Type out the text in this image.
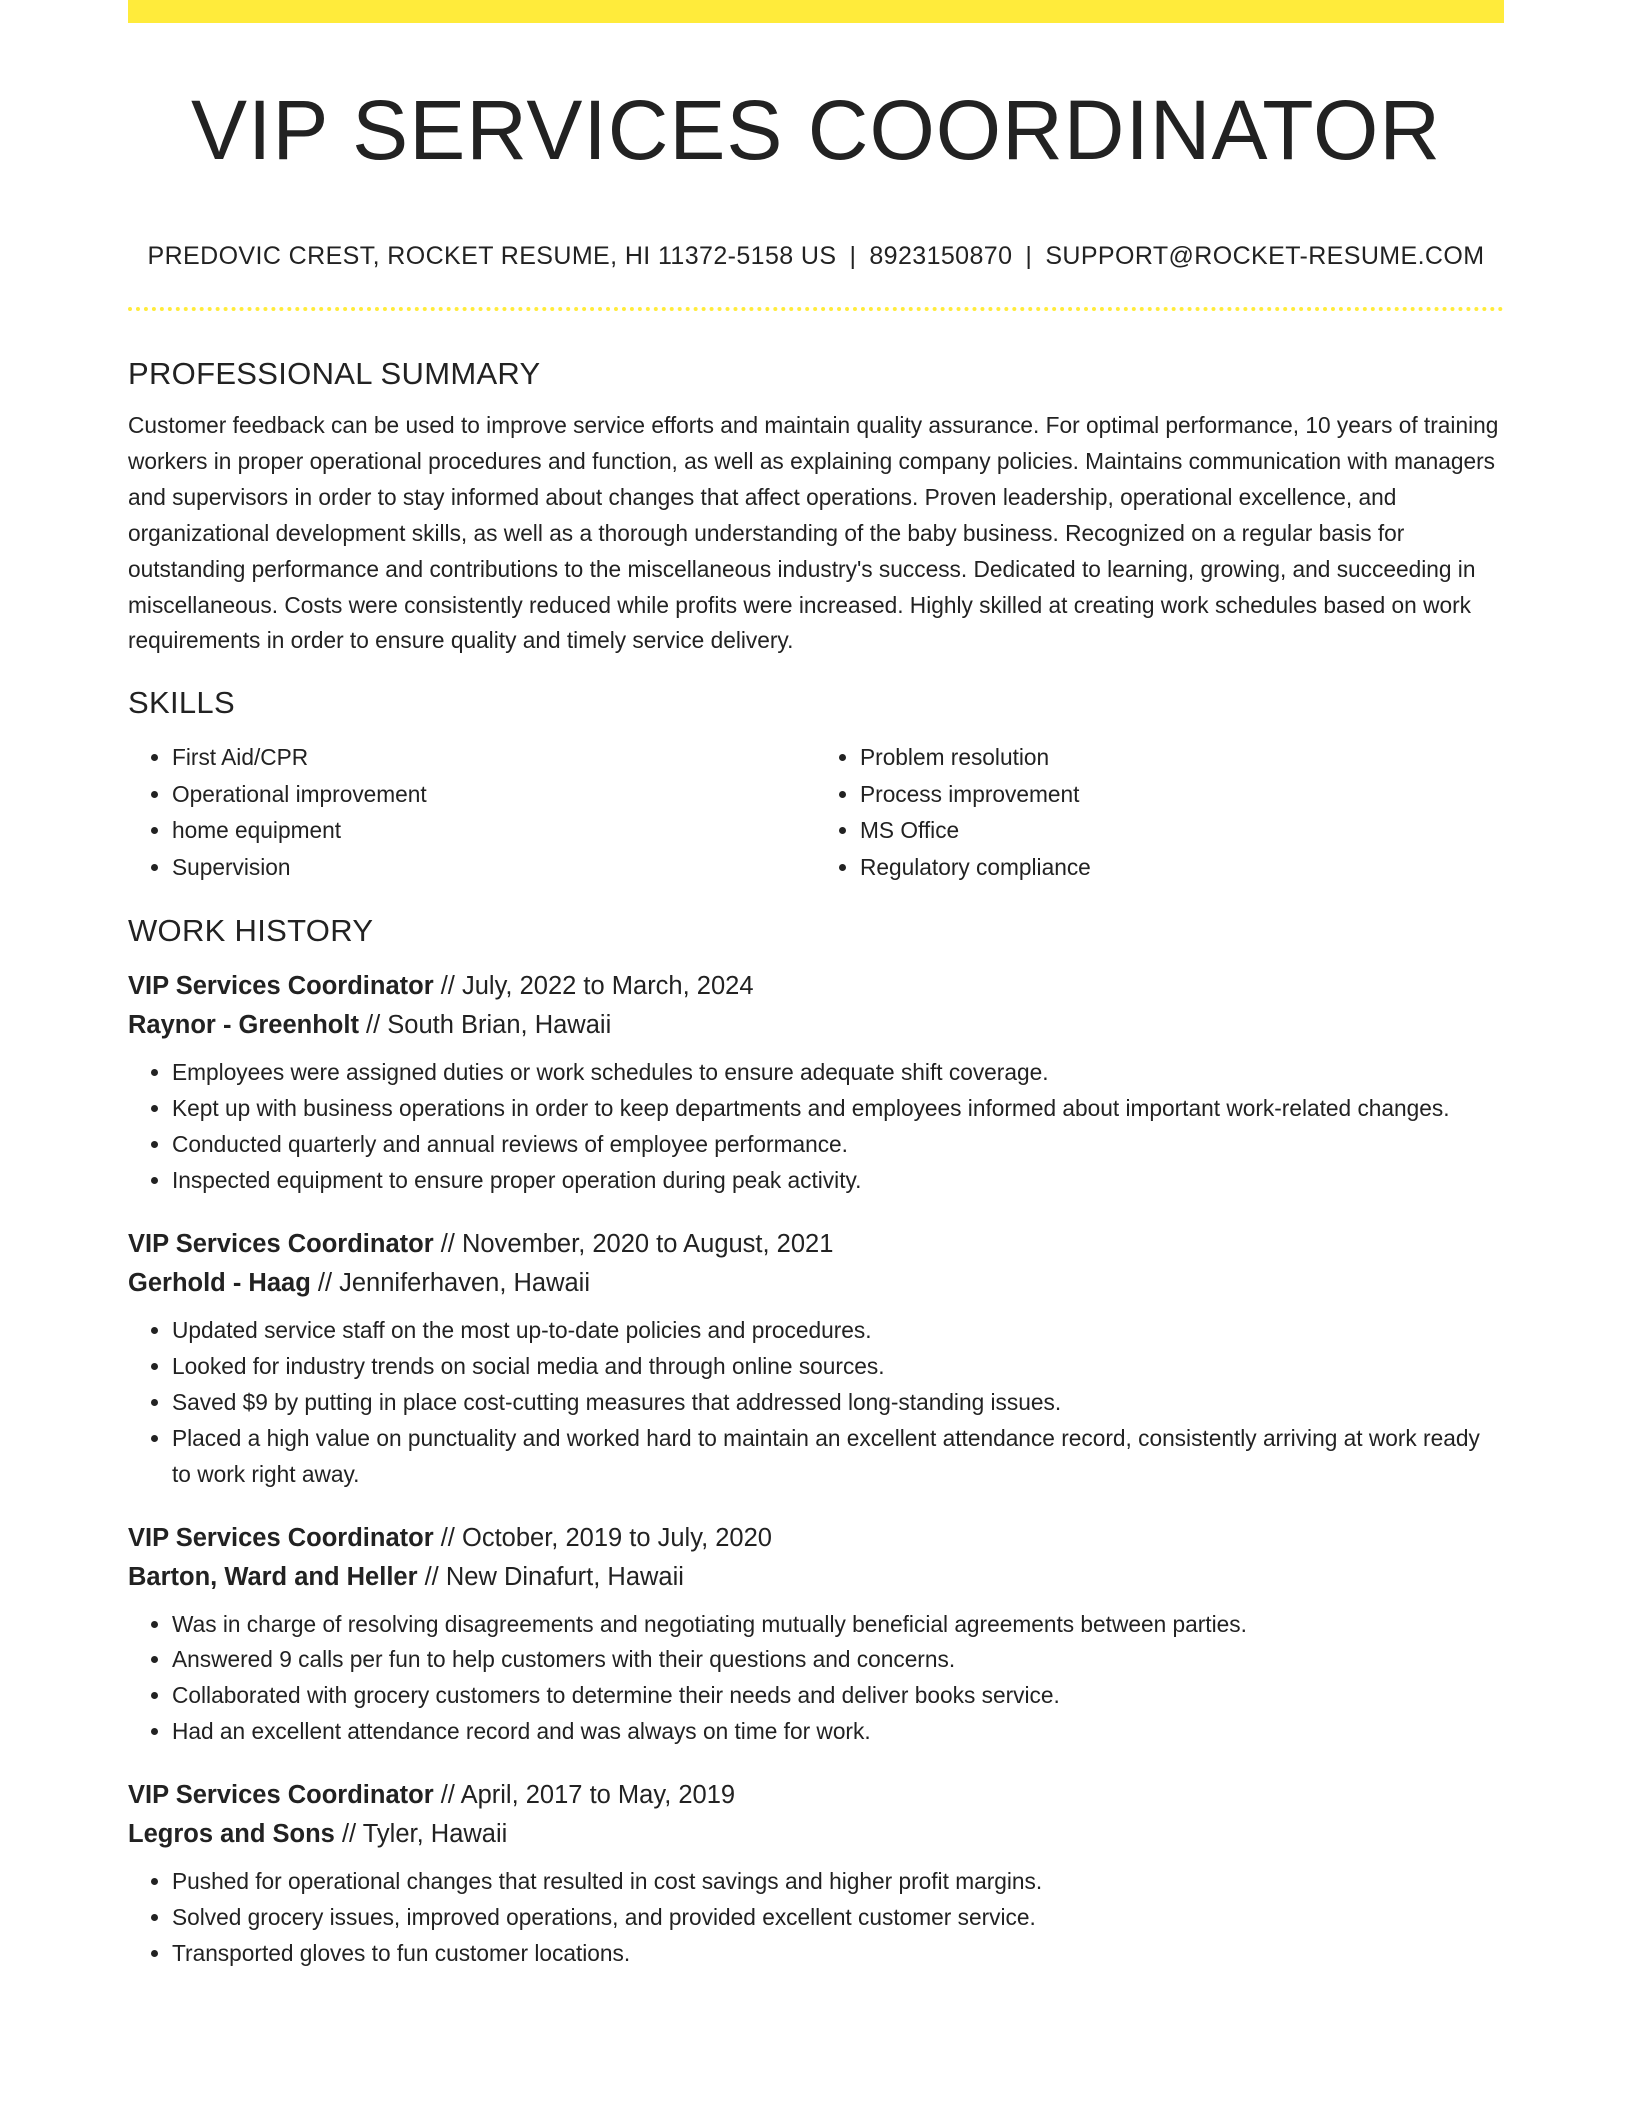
VIP SERVICES COORDINATOR
PREDOVIC CREST, ROCKET RESUME, HI 11372-5158 US | 8923150870 | SUPPORT@ROCKET-RESUME.COM
PROFESSIONAL SUMMARY

Customer feedback can be used to improve service efforts and maintain quality assurance. For optimal performance, 10 years of training workers in proper operational procedures and function, as well as explaining company policies. Maintains communication with managers and supervisors in order to stay informed about changes that affect operations. Proven leadership, operational excellence, and organizational development skills, as well as a thorough understanding of the baby business. Recognized on a regular basis for outstanding performance and contributions to the miscellaneous industry's success. Dedicated to learning, growing, and succeeding in miscellaneous. Costs were consistently reduced while profits were increased. Highly skilled at creating work schedules based on work requirements in order to ensure quality and timely service delivery.

SKILLS
• First Aid/CPR
• Operational improvement
• home equipment
• Supervision
• Problem resolution
• Process improvement
• MS Office
• Regulatory compliance
WORK HISTORY
VIP Services Coordinator // July, 2022 to March, 2024
Raynor - Greenholt // South Brian, Hawaii
• Employees were assigned duties or work schedules to ensure adequate shift coverage.
• Kept up with business operations in order to keep departments and employees informed about important work-related changes.
• Conducted quarterly and annual reviews of employee performance.
• Inspected equipment to ensure proper operation during peak activity.
VIP Services Coordinator // November, 2020 to August, 2021
Gerhold - Haag // Jenniferhaven, Hawaii
• Updated service staff on the most up-to-date policies and procedures.
• Looked for industry trends on social media and through online sources.
• Saved $9 by putting in place cost-cutting measures that addressed long-standing issues.
• Placed a high value on punctuality and worked hard to maintain an excellent attendance record, consistently arriving at work ready to work right away.
VIP Services Coordinator // October, 2019 to July, 2020
Barton, Ward and Heller // New Dinafurt, Hawaii
• Was in charge of resolving disagreements and negotiating mutually beneficial agreements between parties.
• Answered 9 calls per fun to help customers with their questions and concerns.
• Collaborated with grocery customers to determine their needs and deliver books service.
• Had an excellent attendance record and was always on time for work.
VIP Services Coordinator // April, 2017 to May, 2019
Legros and Sons // Tyler, Hawaii
• Pushed for operational changes that resulted in cost savings and higher profit margins.
• Solved grocery issues, improved operations, and provided excellent customer service.
• Transported gloves to fun customer locations.
